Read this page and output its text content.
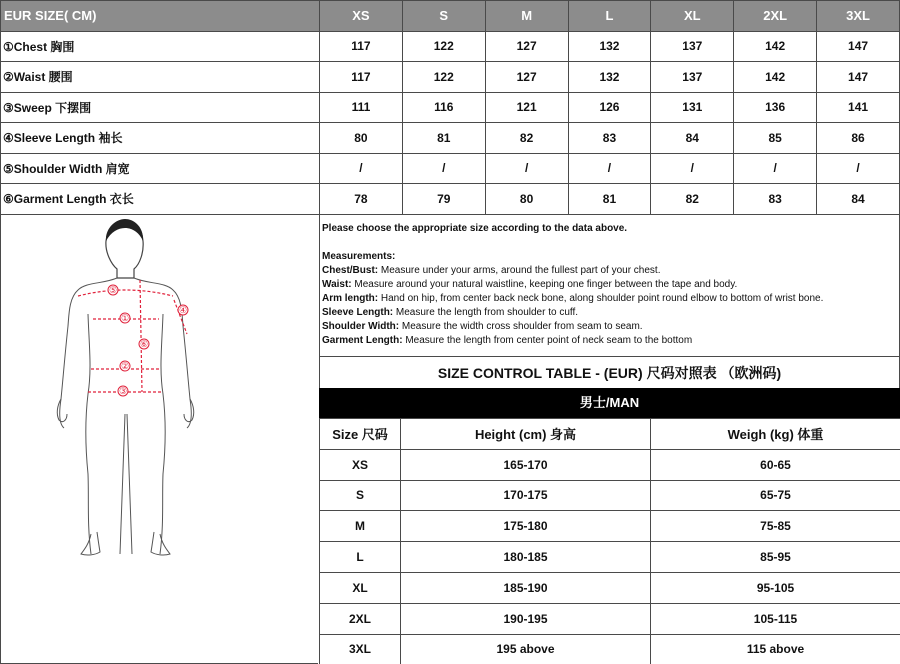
EUR SIZE( CM)	XS	S	M	L	XL	2XL	3XL
①Chest 胸围	117	122	127	132	137	142	147
②Waist 腰围	117	122	127	132	137	142	147
③Sweep 下摆围	111	116	121	126	131	136	141
④Sleeve Length 袖长	80	81	82	83	84	85	86
⑤Shoulder Width 肩宽	/	/	/	/	/	/	/
⑥Garment Length 衣长	78	79	80	81	82	83	84
⑤
①
⑥
②
③
④
Please choose the appropriate size according to the data above.
Measurements:
Chest/Bust: Measure under your arms, around the fullest part of your chest.
Waist: Measure around your natural waistline, keeping one finger between the tape and body.
Arm length: Hand on hip, from center back neck bone, along shoulder point round elbow to bottom of wrist bone.
Sleeve Length: Measure the length from shoulder to cuff.
Shoulder Width: Measure the width cross shoulder from seam to seam.
Garment Length: Measure the length from center point of neck seam to the bottom
SIZE CONTROL TABLE - (EUR) 尺码对照表 （欧洲码)
男士/MAN
Size 尺码	Height (cm) 身高	Weigh (kg) 体重
XS	165-170	60-65
S	170-175	65-75
M	175-180	75-85
L	180-185	85-95
XL	185-190	95-105
2XL	190-195	105-115
3XL	195 above	115 above
